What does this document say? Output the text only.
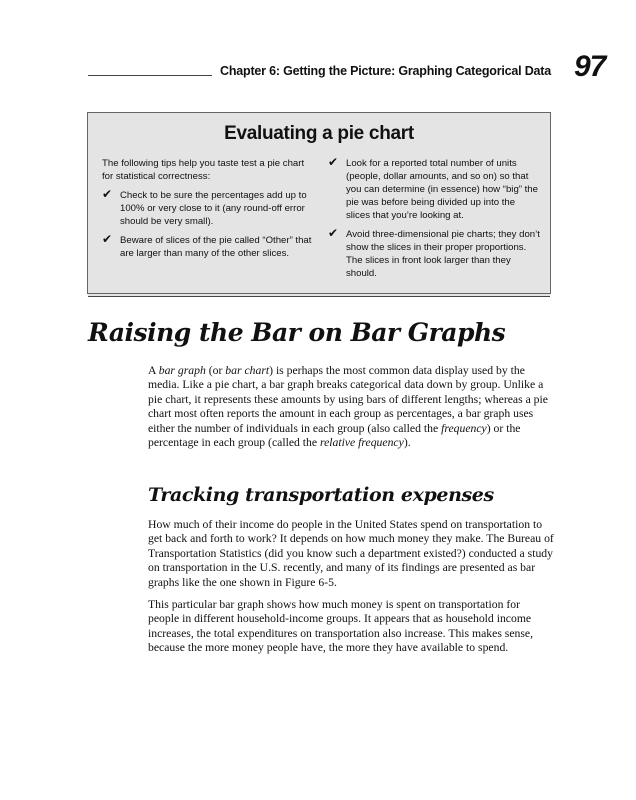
Chapter 6: Getting the Picture: Graphing Categorical Data 97
Evaluating a pie chart

The following tips help you taste test a pie chart for statistical correctness:

✔ Check to be sure the percentages add up to 100% or very close to it (any round-off error should be very small).
✔ Beware of slices of the pie called “Other” that are larger than many of the other slices.
✔ Look for a reported total number of units (people, dollar amounts, and so on) so that you can determine (in essence) how “big” the pie was before being divided up into the slices that you’re looking at.
✔ Avoid three-dimensional pie charts; they don’t show the slices in their proper proportions. The slices in front look larger than they should.
Raising the Bar on Bar Graphs

A bar graph (or bar chart) is perhaps the most common data display used by the media. Like a pie chart, a bar graph breaks categorical data down by group. Unlike a pie chart, it represents these amounts by using bars of different lengths; whereas a pie chart most often reports the amount in each group as percentages, a bar graph uses either the number of individuals in each group (also called the frequency) or the percentage in each group (called the relative frequency).

Tracking transportation expenses

How much of their income do people in the United States spend on transportation to get back and forth to work? It depends on how much money they make. The Bureau of Transportation Statistics (did you know such a department existed?) conducted a study on transportation in the U.S. recently, and many of its findings are presented as bar graphs like the one shown in Figure 6-5.

This particular bar graph shows how much money is spent on transportation for people in different household-income groups. It appears that as household income increases, the total expenditures on transportation also increase. This makes sense, because the more money people have, the more they have available to spend.
